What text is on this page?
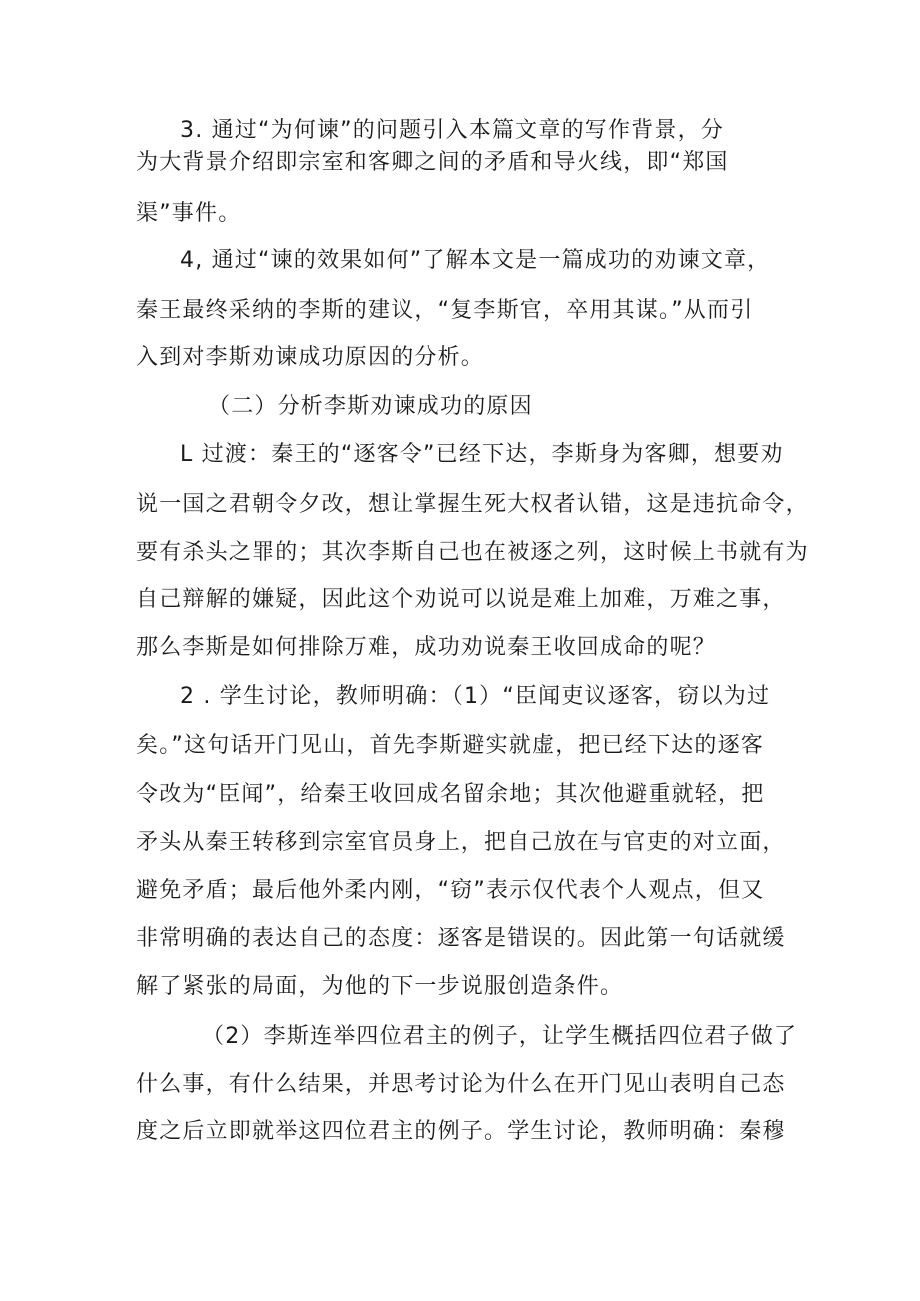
3. 通过“为何谏”的问题引入本篇文章的写作背景，分
为大背景介绍即宗室和客卿之间的矛盾和导火线，即“郑国
渠”事件。
4, 通过“谏的效果如何”了解本文是一篇成功的劝谏文章，
秦王最终采纳的李斯的建议，“复李斯官，卒用其谋。”从而引
入到对李斯劝谏成功原因的分析。
（二）分析李斯劝谏成功的原因
L 过渡：秦王的“逐客令”已经下达，李斯身为客卿，想要劝
说一国之君朝令夕改，想让掌握生死大权者认错，这是违抗命令，
要有杀头之罪的；其次李斯自己也在被逐之列，这时候上书就有为
自己辩解的嫌疑，因此这个劝说可以说是难上加难，万难之事，
那么李斯是如何排除万难，成功劝说秦王收回成命的呢？
2 . 学生讨论，教师明确：（1）“臣闻吏议逐客，窃以为过
矣。”这句话开门见山，首先李斯避实就虚，把已经下达的逐客
令改为“臣闻”，给秦王收回成名留余地；其次他避重就轻，把
矛头从秦王转移到宗室官员身上，把自己放在与官吏的对立面，
避免矛盾；最后他外柔内刚，“窃”表示仅代表个人观点，但又
非常明确的表达自己的态度：逐客是错误的。因此第一句话就缓
解了紧张的局面，为他的下一步说服创造条件。
（2）李斯连举四位君主的例子，让学生概括四位君子做了
什么事，有什么结果，并思考讨论为什么在开门见山表明自己态
度之后立即就举这四位君主的例子。学生讨论，教师明确：秦穆
